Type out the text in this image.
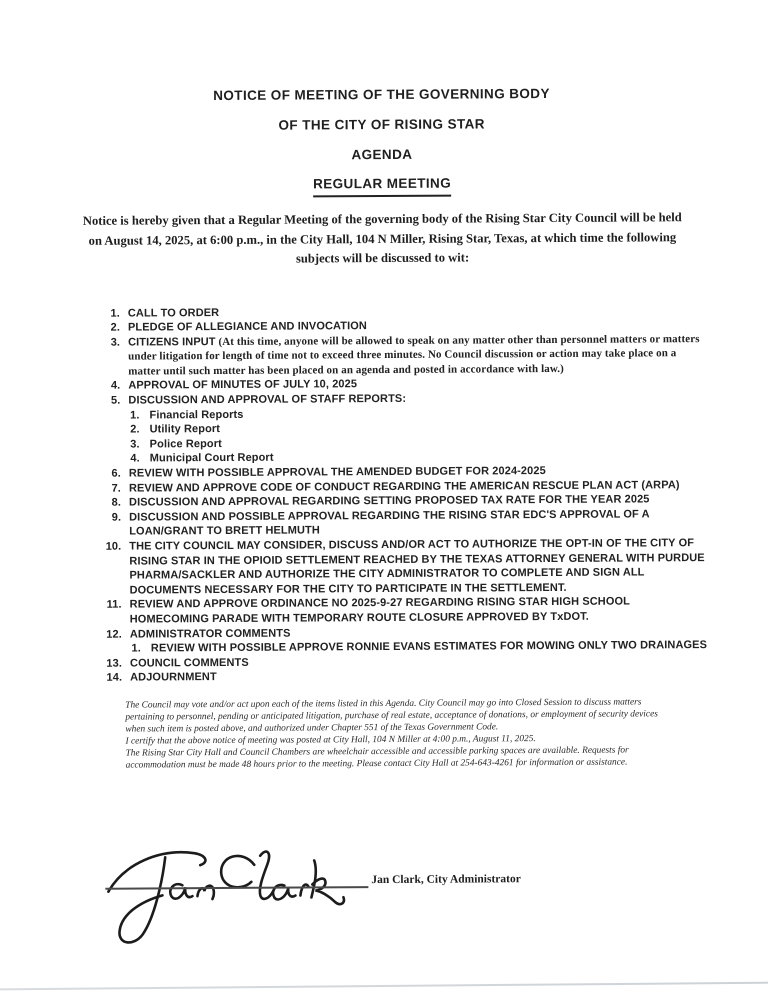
NOTICE OF MEETING OF THE GOVERNING BODY
OF THE CITY OF RISING STAR
AGENDA
REGULAR MEETING
Notice is hereby given that a Regular Meeting of the governing body of the Rising Star City Council will be held on August 14, 2025, at 6:00 p.m., in the City Hall, 104 N Miller, Rising Star, Texas, at which time the following subjects will be discussed to wit:
1. CALL TO ORDER
2. PLEDGE OF ALLEGIANCE AND INVOCATION
3. CITIZENS INPUT (At this time, anyone will be allowed to speak on any matter other than personnel matters or matters under litigation for length of time not to exceed three minutes. No Council discussion or action may take place on a matter until such matter has been placed on an agenda and posted in accordance with law.)
4. APPROVAL OF MINUTES OF JULY 10, 2025
5. DISCUSSION AND APPROVAL OF STAFF REPORTS:
1. Financial Reports
2. Utility Report
3. Police Report
4. Municipal Court Report
6. REVIEW WITH POSSIBLE APPROVAL THE AMENDED BUDGET FOR 2024-2025
7. REVIEW AND APPROVE CODE OF CONDUCT REGARDING THE AMERICAN RESCUE PLAN ACT (ARPA)
8. DISCUSSION AND APPROVAL REGARDING SETTING PROPOSED TAX RATE FOR THE YEAR 2025
9. DISCUSSION AND POSSIBLE APPROVAL REGARDING THE RISING STAR EDC'S APPROVAL OF A LOAN/GRANT TO BRETT HELMUTH
10. THE CITY COUNCIL MAY CONSIDER, DISCUSS AND/OR ACT TO AUTHORIZE THE OPT-IN OF THE CITY OF RISING STAR IN THE OPIOID SETTLEMENT REACHED BY THE TEXAS ATTORNEY GENERAL WITH PURDUE PHARMA/SACKLER AND AUTHORIZE THE CITY ADMINISTRATOR TO COMPLETE AND SIGN ALL DOCUMENTS NECESSARY FOR THE CITY TO PARTICIPATE IN THE SETTLEMENT.
11. REVIEW AND APPROVE ORDINANCE NO 2025-9-27 REGARDING RISING STAR HIGH SCHOOL HOMECOMING PARADE WITH TEMPORARY ROUTE CLOSURE APPROVED BY TxDOT.
12. ADMINISTRATOR COMMENTS
1. REVIEW WITH POSSIBLE APPROVE RONNIE EVANS ESTIMATES FOR MOWING ONLY TWO DRAINAGES
13. COUNCIL COMMENTS
14. ADJOURNMENT

The Council may vote and/or act upon each of the items listed in this Agenda. City Council may go into Closed Session to discuss matters pertaining to personnel, pending or anticipated litigation, purchase of real estate, acceptance of donations, or employment of security devices when such item is posted above, and authorized under Chapter 551 of the Texas Government Code.

I certify that the above notice of meeting was posted at City Hall, 104 N Miller at 4:00 p.m., August 11, 2025.

The Rising Star City Hall and Council Chambers are wheelchair accessible and accessible parking spaces are available. Requests for accommodation must be made 48 hours prior to the meeting. Please contact City Hall at 254-643-4261 for information or assistance.

Jan Clark, City Administrator
